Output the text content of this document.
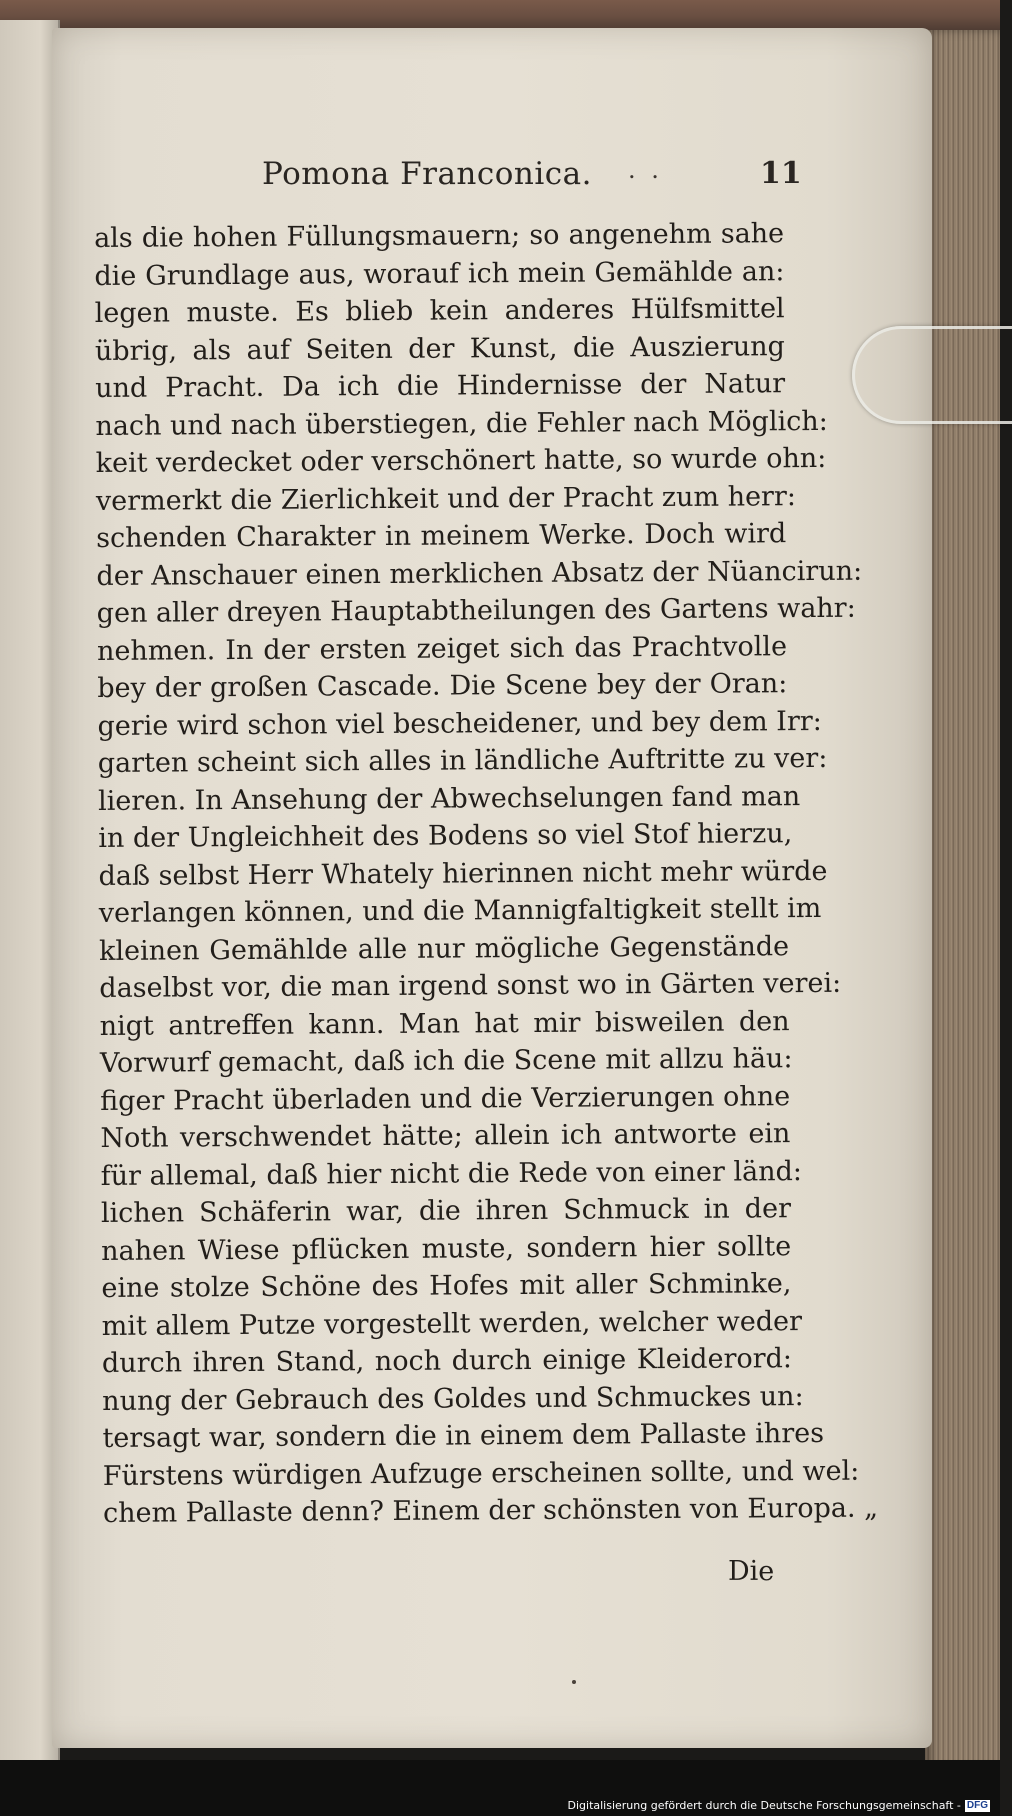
Pomona Franconica. . .	11
als die hohen Füllungsmauern; so angenehm sahe
die Grundlage aus, worauf ich mein Gemählde an:
legen muste. Es blieb kein anderes Hülfsmittel
übrig, als auf Seiten der Kunst, die Auszierung
und Pracht. Da ich die Hindernisse der Natur
nach und nach überstiegen, die Fehler nach Möglich:
keit verdecket oder verschönert hatte, so wurde ohn:
vermerkt die Zierlichkeit und der Pracht zum herr:
schenden Charakter in meinem Werke. Doch wird
der Anschauer einen merklichen Absatz der Nüancirun:
gen aller dreyen Hauptabtheilungen des Gartens wahr:
nehmen. In der ersten zeiget sich das Prachtvolle
bey der großen Cascade. Die Scene bey der Oran:
gerie wird schon viel bescheidener, und bey dem Irr:
garten scheint sich alles in ländliche Auftritte zu ver:
lieren. In Ansehung der Abwechselungen fand man
in der Ungleichheit des Bodens so viel Stof hierzu,
daß selbst Herr Whately hierinnen nicht mehr würde
verlangen können, und die Mannigfaltigkeit stellt im
kleinen Gemählde alle nur mögliche Gegenstände
daselbst vor, die man irgend sonst wo in Gärten verei:
nigt antreffen kann. Man hat mir bisweilen den
Vorwurf gemacht, daß ich die Scene mit allzu häu:
figer Pracht überladen und die Verzierungen ohne
Noth verschwendet hätte; allein ich antworte ein
für allemal, daß hier nicht die Rede von einer länd:
lichen Schäferin war, die ihren Schmuck in der
nahen Wiese pflücken muste, sondern hier sollte
eine stolze Schöne des Hofes mit aller Schminke,
mit allem Putze vorgestellt werden, welcher weder
durch ihren Stand, noch durch einige Kleiderord:
nung der Gebrauch des Goldes und Schmuckes un:
tersagt war, sondern die in einem dem Pallaste ihres
Fürstens würdigen Aufzuge erscheinen sollte, und wel:
chem Pallaste denn? Einem der schönsten von Europa. „
Die
Digitalisierung gefördert durch die Deutsche Forschungsgemeinschaft - DFG
